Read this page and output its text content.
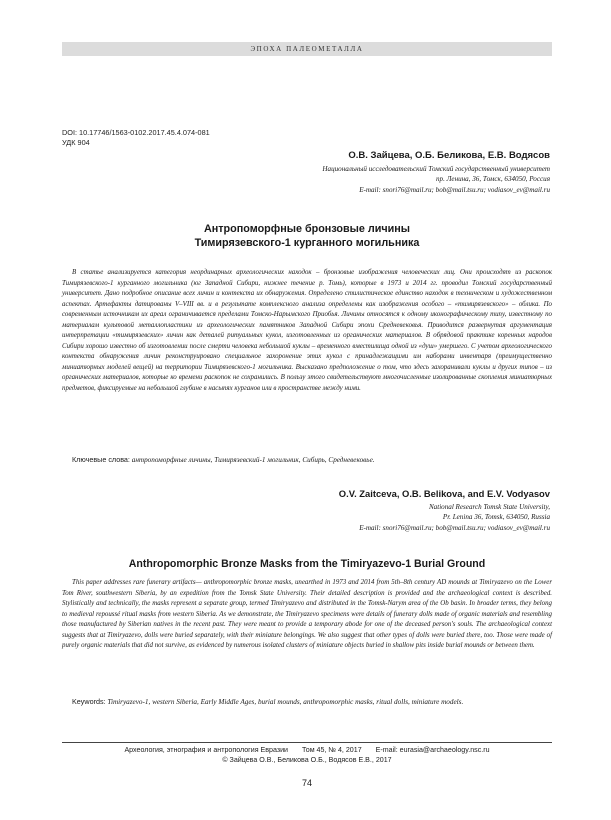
ЭПОХА ПАЛЕОМЕТАЛЛА
DOI: 10.17746/1563-0102.2017.45.4.074-081
УДК 904
О.В. Зайцева, О.Б. Беликова, Е.В. Водясов
Национальный исследовательский Томский государственный университет
пр. Ленина, 36, Томск, 634050, Россия
E-mail: snori76@mail.ru; bob@mail.tsu.ru; vodiasov_ev@mail.ru
Антропоморфные бронзовые личины
Тимирязевского-1 курганного могильника
В статье анализируется категория неординарных археологических находок – бронзовые изображения человеческих лиц. Они происходят из раскопок Тимирязевского-1 курганного могильника (юг Западной Сибири, нижнее течение р. Томь), которые в 1973 и 2014 гг. проводил Томский государственный университет. Дано подробное описание всех личин и контекста их обнаружения. Определено стилистическое единство находок в техническом и художественном аспектах. Артефакты датированы V–VIII вв. и в результате комплексного анализа определены как изображения особого – «тимирязевского» – облика. По современным источникам их ареал ограничивается пределами Томско-Нарымского Приобья. Личины относятся к одному иконографическому типу, известному по материалам культовой металлопластики из археологических памятников Западной Сибири эпохи Средневековья. Приводится развернутая аргументация интерпретации «тимирязевских» личин как деталей ритуальных кукол, изготовленных из органических материалов. В обрядовой практике коренных народов Сибири хорошо известно об изготовлении после смерти человека небольшой куклы – временного вместилища одной из «душ» умершего. С учетом археологического контекста обнаружения личин реконструировано специальное захоронение этих кукол с принадлежащими им наборами инвентаря (преимущественно миниатюрных моделей вещей) на территории Тимирязевского-1 могильника. Высказано предположение о том, что здесь захоранивали куклы и других типов – из органических материалов, которые ко времени раскопок не сохранились. В пользу этого свидетельствуют многочисленные изолированные скопления миниатюрных предметов, фиксируемые на небольшой глубине в насыпях курганов или в пространстве между ними.
Ключевые слова: антропоморфные личины, Тимирязевский-1 могильник, Сибирь, Средневековье.
O.V. Zaitceva, O.B. Belikova, and E.V. Vodyasov
National Research Tomsk State University,
Pr. Lenina 36, Tomsk, 634050, Russia
E-mail: snori76@mail.ru; bob@mail.tsu.ru; vodiasov_ev@mail.ru
Anthropomorphic Bronze Masks from the Timiryazevo-1 Burial Ground
This paper addresses rare funerary artifacts— anthropomorphic bronze masks, unearthed in 1973 and 2014 from 5th–8th century AD mounds at Timiryazevo on the Lower Tom River, southwestern Siberia, by an expedition from the Tomsk State University. Their detailed description is provided and the archaeological context is described. Stylistically and technically, the masks represent a separate group, termed Timiryazevo and distributed in the Tomsk-Narym area of the Ob basin. In broader terms, they belong to medieval repoussé ritual masks from western Siberia. As we demonstrate, the Timiryazevo specimens were details of funerary dolls made of organic materials and resembling those manufactured by Siberian natives in the recent past. They were meant to provide a temporary abode for one of the deceased person's souls. The archaeological context suggests that at Timiryazevo, dolls were buried separately, with their miniature belongings. We also suggest that other types of dolls were buried there, too. Those were made of purely organic materials that did not survive, as evidenced by numerous isolated clusters of miniature objects buried in shallow pits inside burial mounds or between them.
Keywords: Timiryazevo-1, western Siberia, Early Middle Ages, burial mounds, anthropomorphic masks, ritual dolls, miniature models.
Археология, этнография и антропология Евразии Том 45, № 4, 2017 E-mail: eurasia@archaeology.nsc.ru
© Зайцева О.В., Беликова О.Б., Водясов Е.В., 2017
74
